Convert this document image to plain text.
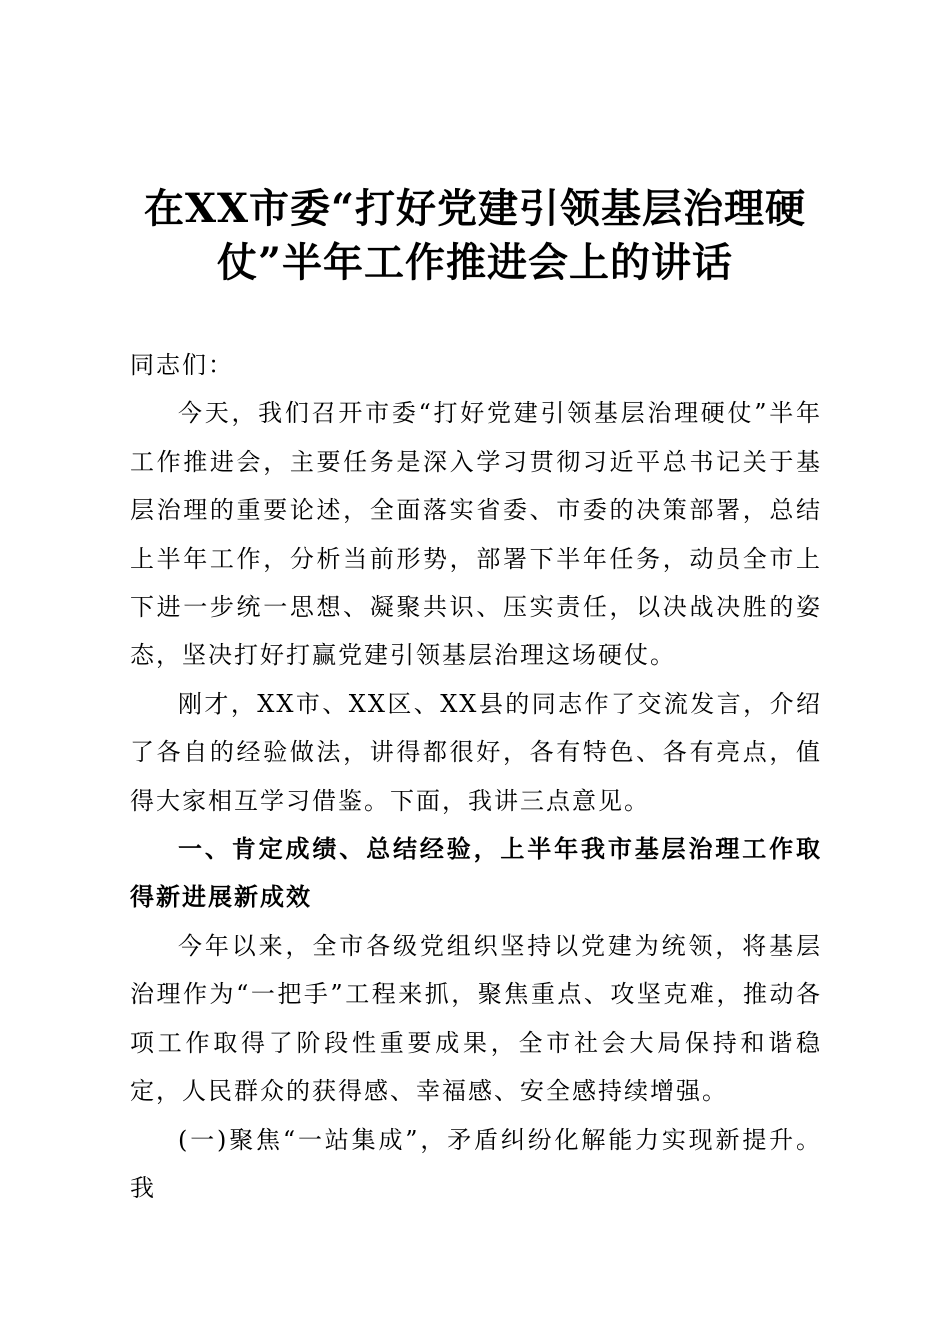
在XX市委“打好党建引领基层治理硬
仗”半年工作推进会上的讲话

同志们：

今天，我们召开市委“打好党建引领基层治理硬仗”半年工作推进会，主要任务是深入学习贯彻习近平总书记关于基层治理的重要论述，全面落实省委、市委的决策部署，总结上半年工作，分析当前形势，部署下半年任务，动员全市上下进一步统一思想、凝聚共识、压实责任，以决战决胜的姿态，坚决打好打赢党建引领基层治理这场硬仗。

刚才，XX市、XX区、XX县的同志作了交流发言，介绍了各自的经验做法，讲得都很好，各有特色、各有亮点，值得大家相互学习借鉴。下面，我讲三点意见。

一、肯定成绩、总结经验，上半年我市基层治理工作取得新进展新成效

今年以来，全市各级党组织坚持以党建为统领，将基层治理作为“一把手”工程来抓，聚焦重点、攻坚克难，推动各项工作取得了阶段性重要成果，全市社会大局保持和谐稳定，人民群众的获得感、幸福感、安全感持续增强。

(一)聚焦“一站集成”，矛盾纠纷化解能力实现新提升。我
